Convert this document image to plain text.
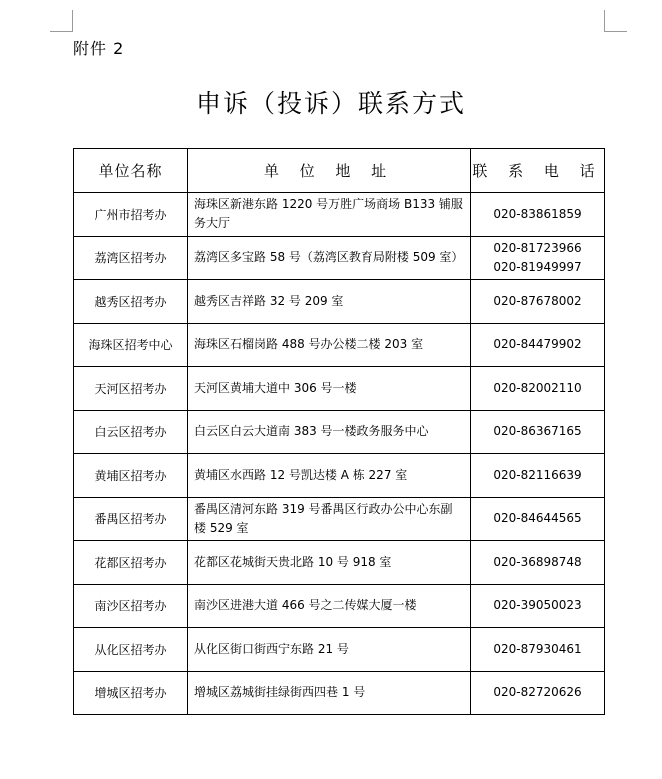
附件 2
申诉（投诉）联系方式
单位名称	单 位 地 址	联 系 电 话
广州市招考办	海珠区新港东路 1220 号万胜广场商场 B133 铺服务大厅	020-83861859

荔湾区招考办	荔湾区多宝路 58 号（荔湾区教育局附楼 509 室）	020-81723966
020-81949997

越秀区招考办	越秀区吉祥路 32 号 209 室	020-87678002

海珠区招考中心	海珠区石榴岗路 488 号办公楼二楼 203 室	020-84479902

天河区招考办	天河区黄埔大道中 306 号一楼	020-82002110

白云区招考办	白云区白云大道南 383 号一楼政务服务中心	020-86367165

黄埔区招考办	黄埔区水西路 12 号凯达楼 A 栋 227 室	020-82116639

番禺区招考办	番禺区清河东路 319 号番禺区行政办公中心东副楼 529 室	020-84644565

花都区招考办	花都区花城街天贵北路 10 号 918 室	020-36898748

南沙区招考办	南沙区进港大道 466 号之二传媒大厦一楼	020-39050023

从化区招考办	从化区街口街西宁东路 21 号	020-87930461

增城区招考办	增城区荔城街挂绿街西四巷 1 号	020-82720626
